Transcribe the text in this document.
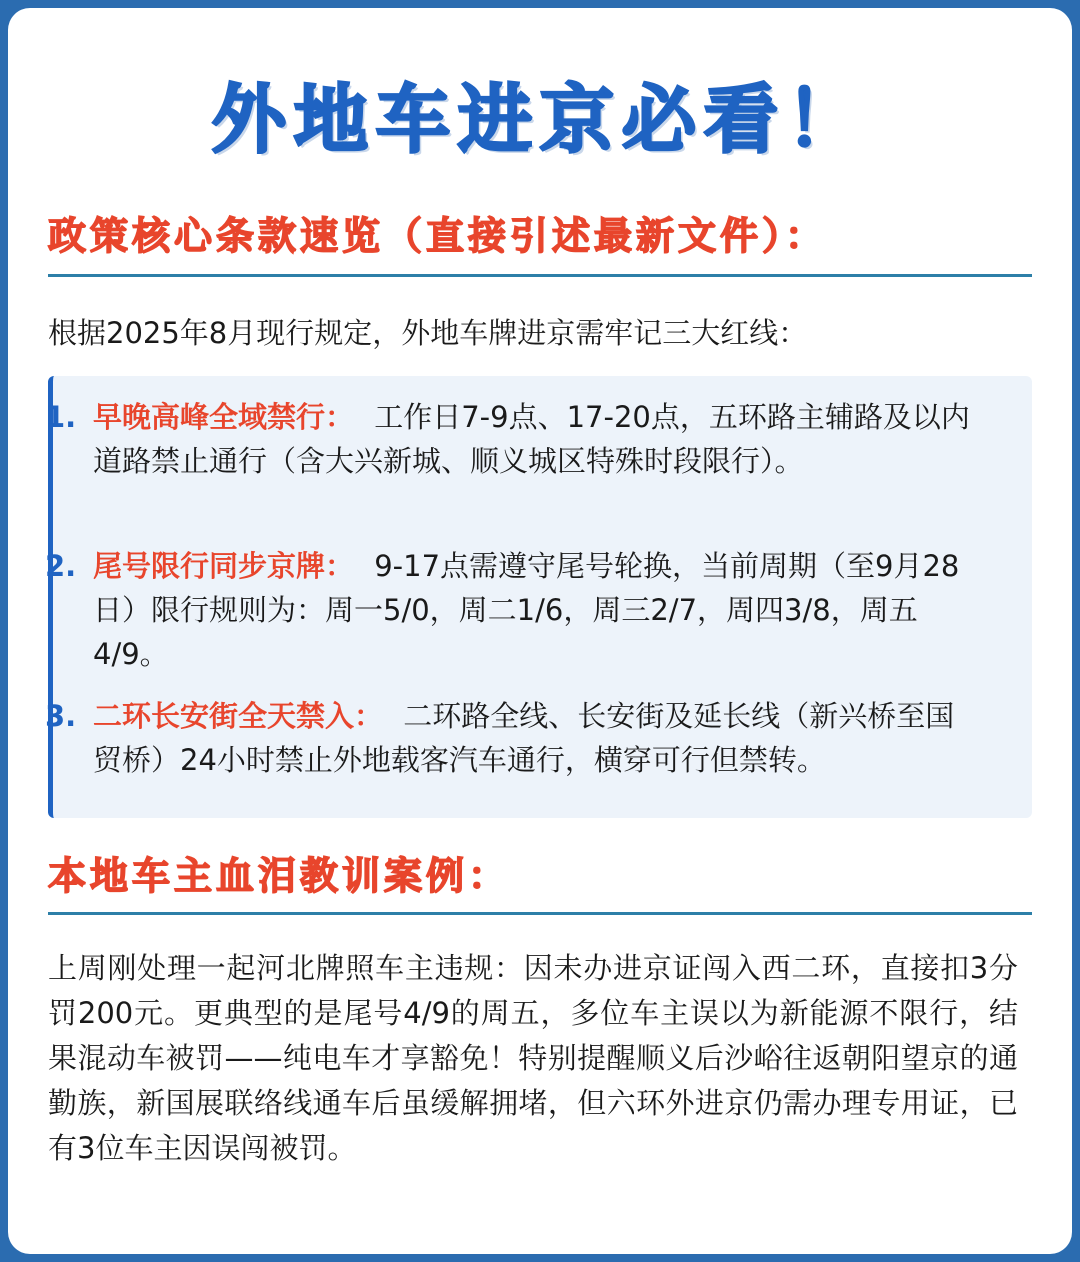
外地车进京必看！
政策核心条款速览（直接引述最新文件）：
根据2025年8月现行规定，外地车牌进京需牢记三大红线：
1. 早晚高峰全域禁行： 工作日7-9点、17-20点，五环路主辅路及以内道路禁止通行（含大兴新城、顺义城区特殊时段限行）。
2. 尾号限行同步京牌： 9-17点需遵守尾号轮换，当前周期（至9月28日）限行规则为：周一5/0，周二1/6，周三2/7，周四3/8，周五4/9。
3. 二环长安街全天禁入： 二环路全线、长安街及延长线（新兴桥至国贸桥）24小时禁止外地载客汽车通行，横穿可行但禁转。
本地车主血泪教训案例：
上周刚处理一起河北牌照车主违规：因未办进京证闯入西二环，直接扣3分罚200元。更典型的是尾号4/9的周五，多位车主误以为新能源不限行，结果混动车被罚——纯电车才享豁免！特别提醒顺义后沙峪往返朝阳望京的通勤族，新国展联络线通车后虽缓解拥堵，但六环外进京仍需办理专用证，已有3位车主因误闯被罚。
